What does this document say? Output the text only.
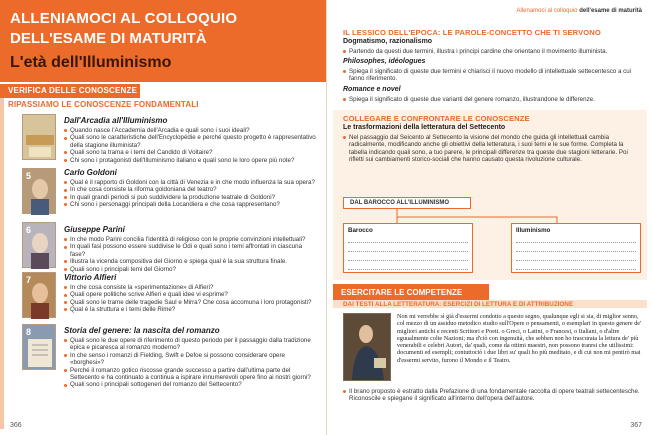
ALLENIAMOCI AL COLLOQUIO
DELL'ESAME DI MATURITÀ
L'età dell'Illuminismo
VERIFICA DELLE CONOSCENZE
RIPASSIAMO LE CONOSCENZE FONDAMENTALI
Dall'Arcadia all'Illuminismo
Quando nasce l'Accademia dell'Arcadia e quali sono i suoi ideali?
Quali sono le caratteristiche dell'Encyclopédie e perché questo progetto è rappresentativo della stagione illuminista?
Quali sono la trama e i temi del Candido di Voltaire?
Chi sono i protagonisti dell'Illuminismo italiano e quali sono le loro opere più note?
5	Carlo Goldoni
Qual è il rapporto di Goldoni con la città di Venezia e in che modo influenza la sua opera?
In che cosa consiste la riforma goldoniana del teatro?
In quali grandi periodi si può suddividere la produzione teatrale di Goldoni?
Chi sono i personaggi principali della Locandiera e che cosa rappresentano?
6	Giuseppe Parini
In che modo Parini concilia l'identità di religioso con le proprie convinzioni intellettuali?
In quali fasi possono essere suddivise le Odi e quali sono i temi affrontati in ciascuna fase?
Illustra la vicenda compositiva del Giorno e spiega qual è la sua struttura finale.
Quali sono i principali temi del Giorno?
7	Vittorio Alfieri
In che cosa consiste la «sperimentazione» di Alfieri?
Quali opere politiche scrive Alfieri e quali idee vi esprime?
Quali sono le trame delle tragedie Saul e Mirra? Che cosa accomuna i loro protagonisti?
Qual è la struttura e i temi delle Rime?
8	Storia del genere: la nascita del romanzo
Quali sono le due opere di riferimento di questo periodo per il passaggio dalla tradizione epica e picaresca al romanzo moderno?
In che senso i romanzi di Fielding, Swift e Defoe si possono considerare opere «borghesi»?
Perché il romanzo gotico riscosse grande successo a partire dall'ultima parte del Settecento e ha continuato a continua a ispirare innumerevoli opere fino ai nostri giorni?
Quali sono i principali sottogeneri del romanzo del Settecento?
366
Allenamoci al colloquio dell'esame di maturità
IL LESSICO DELL'EPOCA: LE PAROLE-CONCETTO CHE TI SERVONO
Dogmatismo, razionalismo
Partendo da questi due termini, illustra i principi cardine che orientano il movimento illuminista.
Philosophes, idéologues
Spiega il significato di queste due termini e chiarisci il nuovo modello di intellettuale settecentesco a cui fanno riferimento.
Romance e novel
Spiega il significato di queste due varianti del genere romanzo, illustrandone le differenze.
COLLEGARE E CONFRONTARE LE CONOSCENZE
Le trasformazioni della letteratura del Settecento
Nel passaggio dal Seicento al Settecento la visione del mondo che guida gli intellettuali cambia radicalmente, modificando anche gli obiettivi della letteratura, i suoi temi e le sue forme. Completa la tabella indicando quali sono, a tuo parere, le principali differenze tra queste due stagioni letterarie. Poi rifletti sui cambiamenti storico-sociali che hanno causato questa rivoluzione culturale.
DAL BAROCCO ALL'ILLUMINISMO
Barocco	Illuminismo
ESERCITARE LE COMPETENZE
DAI TESTI ALLA LETTERATURA: ESERCIZI DI LETTURA E DI ATTRIBUZIONE
Non mi verrebbe sì già d'essermi condotto a questo segno, qualunque egli si sia, di miglior senno, col mezzo di un assiduo metodico studio sull'Opere o pensamenti, o esemplari in questo genere de' migliori antichi e recenti Scrittori e Poeti. o Greci, o Latini, o Francesi, o Italiani, o d'altre eguualmente colte Nazioni; ma d'ciò con ingenuità, che sebben non ho trascurata la lettura de' più venerabili e celebri Autori, da' quali, come da ottimi maestri, non possono tranrsi che utilissimi: documenti ed esempli; contuttociò i due libri su' quali ho più meditato, e di cui non mi pentirò mai d'essermi servito, furono il Mondo e il Teatro.
Il brano proposto è estratto dalla Prefazione di una fondamentale raccolta di opere teatrali settecentesche. Riconoscile e spiegane il significato all'interno dell'opera dell'autore.
367
